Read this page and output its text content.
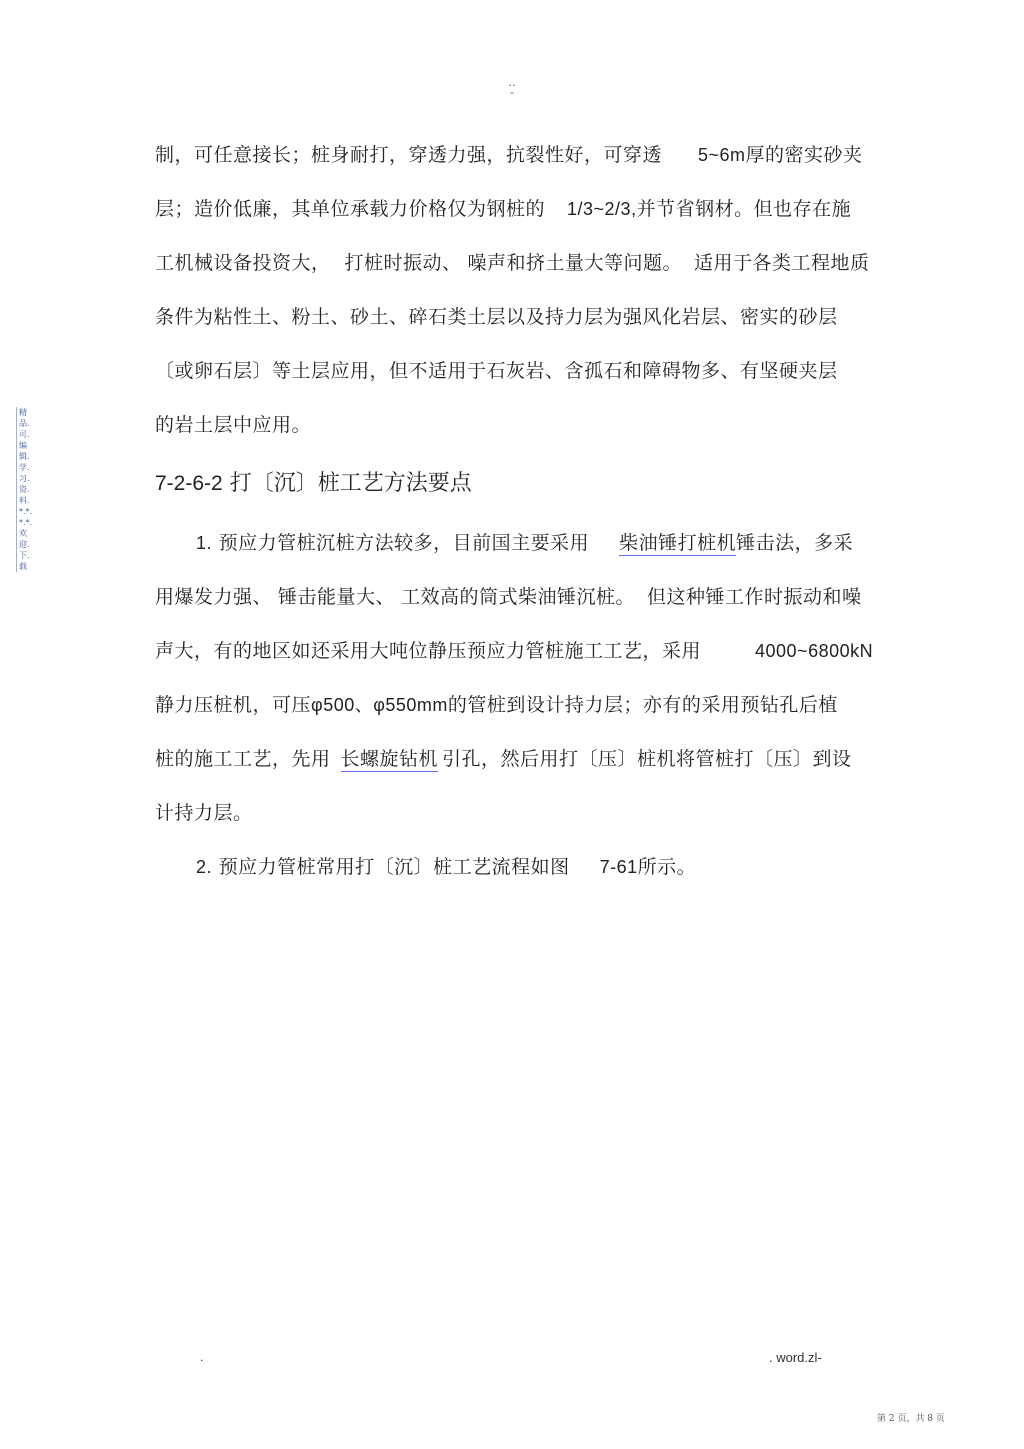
..
-
精品.可.编辑.学.习.资.料.*.*.*.*.欢迎.下.载
制，可任意接长；桩身耐打，穿透力强，抗裂性好，可穿透 5~6m厚的密实砂夹
层；造价低廉，其单位承载力价格仅为钢桩的 1/3~2/3,并节省钢材。但也存在施
工机械设备投资大， 打桩时振动、 噪声和挤土量大等问题。 适用于各类工程地质
条件为粘性土、粉土、砂土、碎石类土层以及持力层为强风化岩层、密实的砂层
〔或卵石层〕等土层应用，但不适用于石灰岩、含孤石和障碍物多、有坚硬夹层
的岩土层中应用。
7-2-6-2 打〔沉〕桩工艺方法要点
1. 预应力管桩沉桩方法较多，目前国主要采用 柴油锤打桩机锤击法，多采
用爆发力强、 锤击能量大、 工效高的筒式柴油锤沉桩。 但这种锤工作时振动和噪
声大，有的地区如还采用大吨位静压预应力管桩施工工艺，采用	4000~6800kN
静力压桩机，可压φ500、φ550mm的管桩到设计持力层；亦有的采用预钻孔后植
桩的施工工艺，先用 长螺旋钻机 引孔，然后用打〔压〕桩机将管桩打〔压〕到设
计持力层。
2. 预应力管桩常用打〔沉〕桩工艺流程如图 7-61所示。
.	. word.zl-
第 2 页，共 8 页
